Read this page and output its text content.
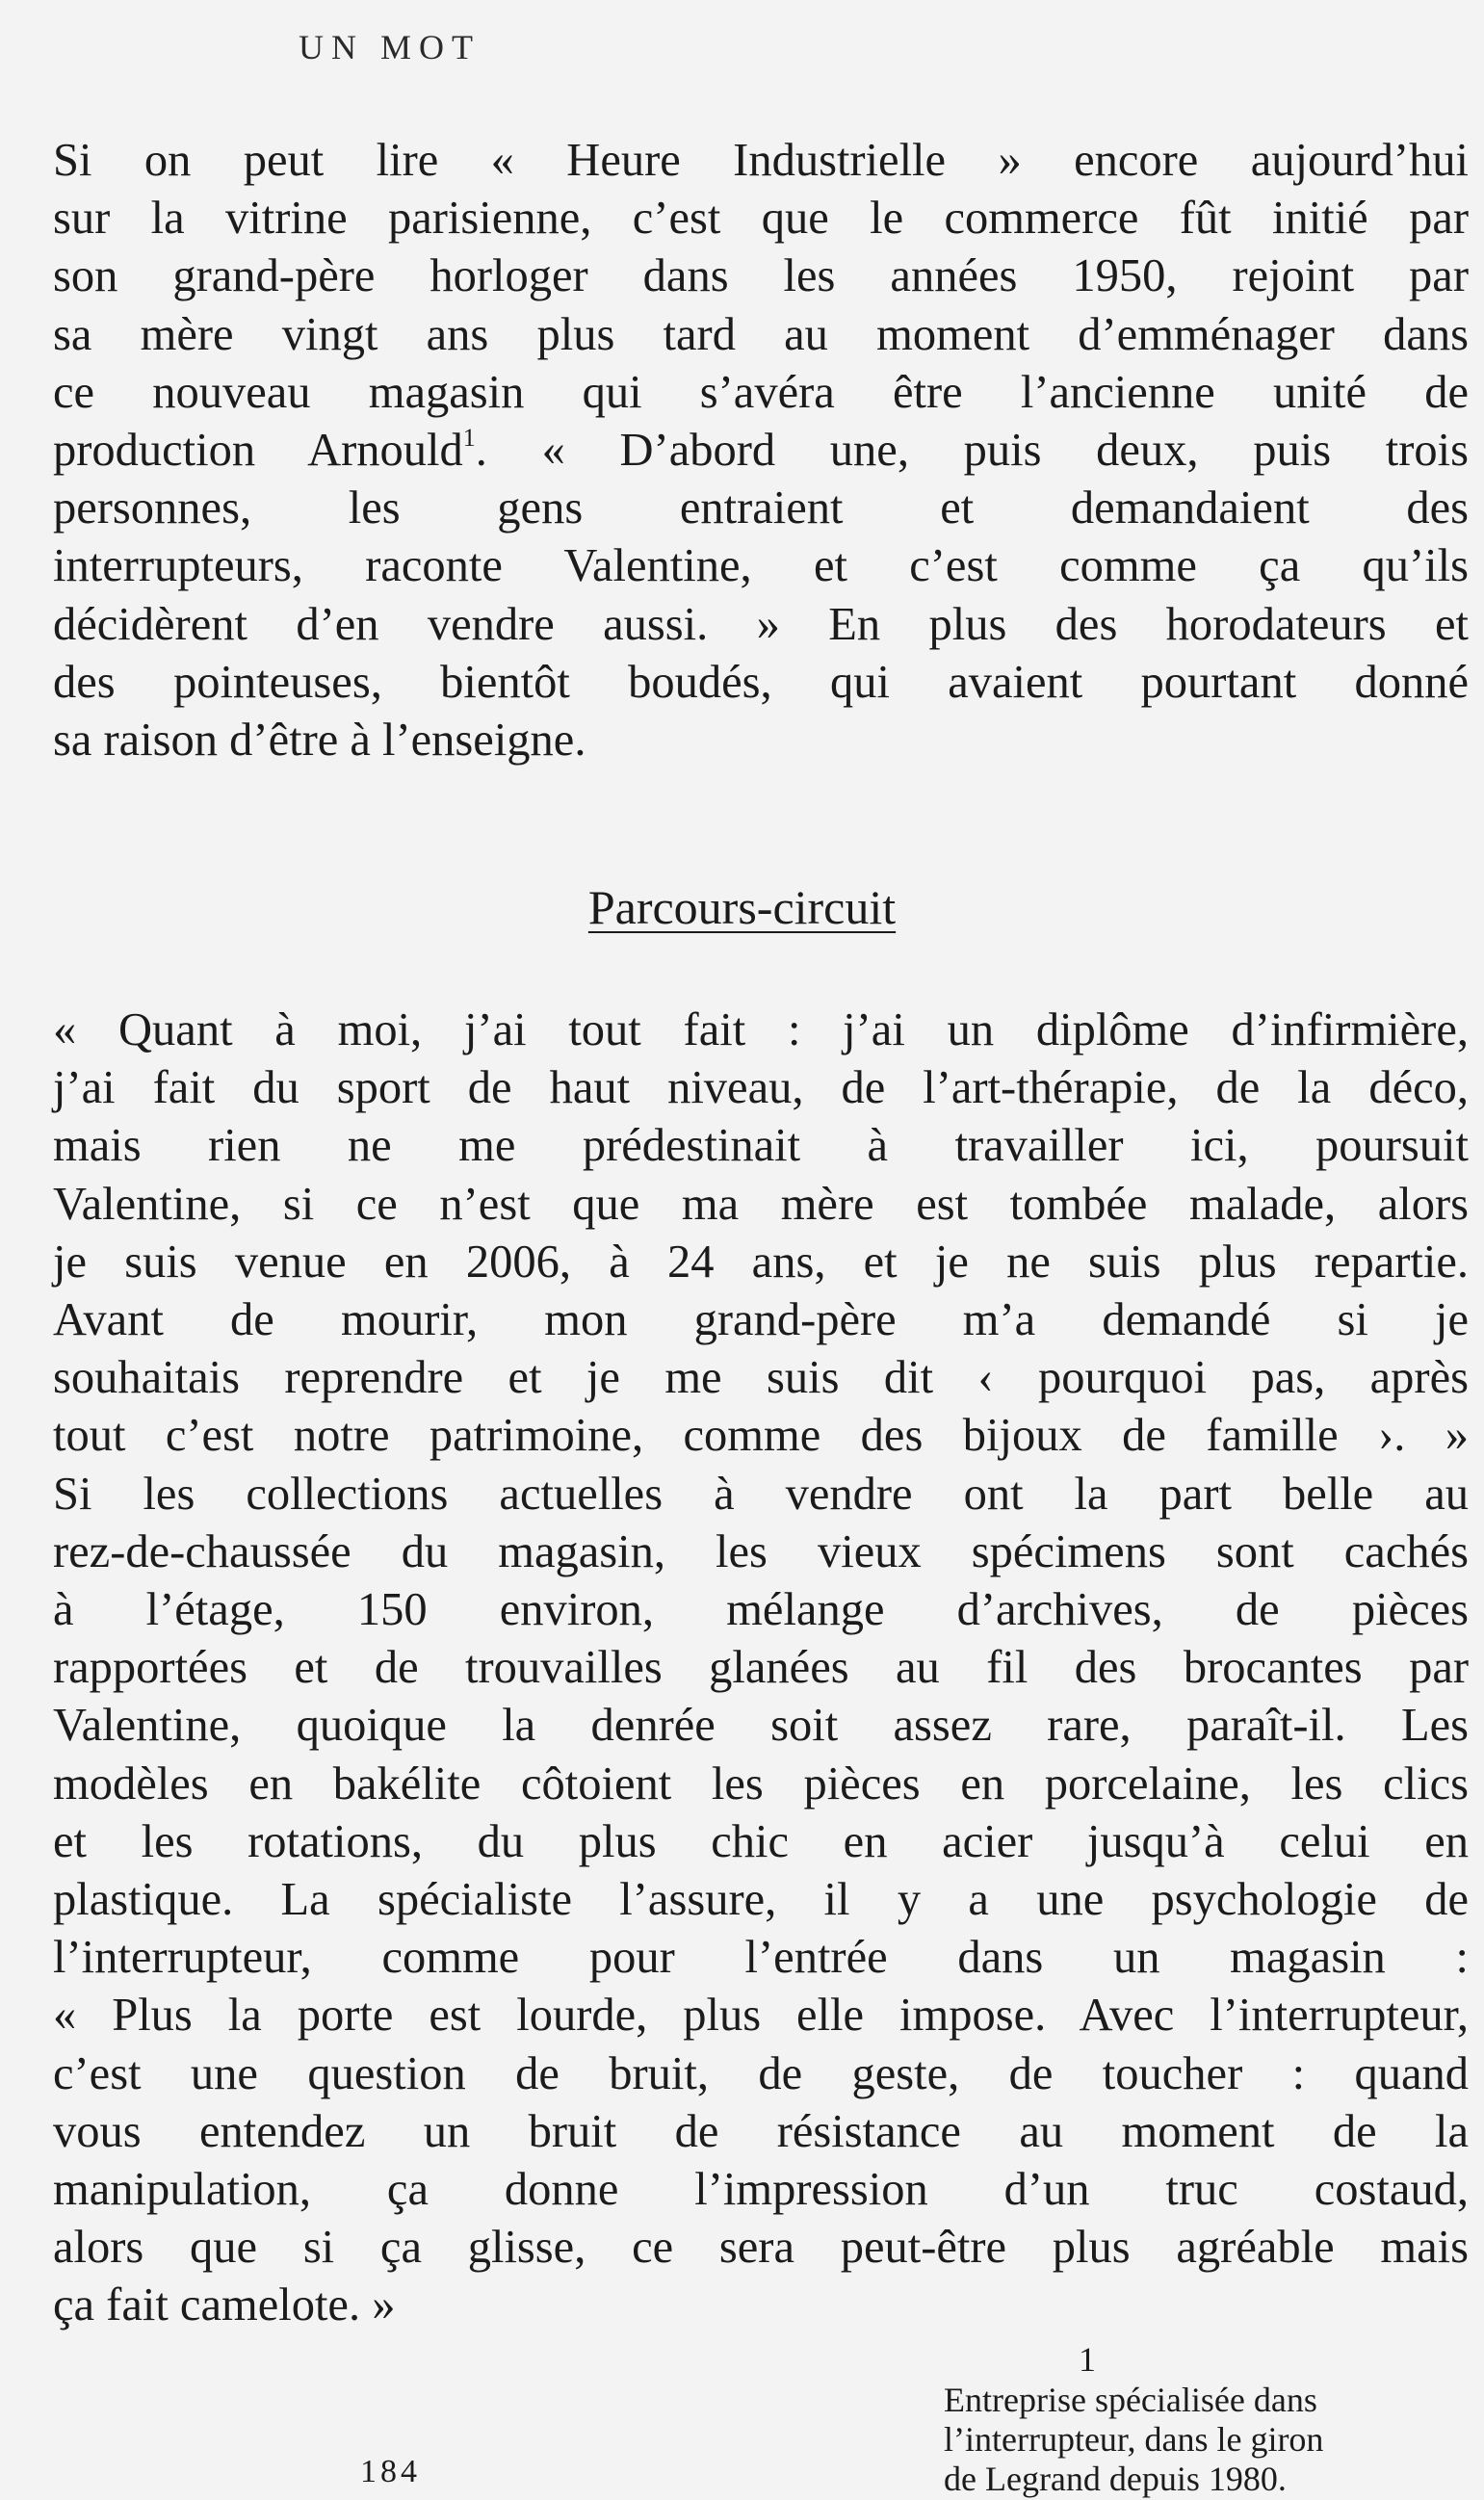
UN MOT
Si on peut lire « Heure Industrielle » encore aujourd’hui
sur la vitrine parisienne, c’est que le commerce fût initié par
son grand-père horloger dans les années 1950, rejoint par
sa mère vingt ans plus tard au moment d’emménager dans
ce nouveau magasin qui s’avéra être l’ancienne unité de
production Arnould$^1$. « D’abord une, puis deux, puis trois
personnes, les gens entraient et demandaient des
interrupteurs, raconte Valentine, et c’est comme ça qu’ils
décidèrent d’en vendre aussi. » En plus des horodateurs et
des pointeuses, bientôt boudés, qui avaient pourtant donné
sa raison d’être à l’enseigne.
Parcours-circuit
« Quant à moi, j’ai tout fait : j’ai un diplôme d’infirmière,
j’ai fait du sport de haut niveau, de l’art-thérapie, de la déco,
mais rien ne me prédestinait à travailler ici, poursuit
Valentine, si ce n’est que ma mère est tombée malade, alors
je suis venue en 2006, à 24 ans, et je ne suis plus repartie.
Avant de mourir, mon grand-père m’a demandé si je
souhaitais reprendre et je me suis dit ‹ pourquoi pas, après
tout c’est notre patrimoine, comme des bijoux de famille ›. »
Si les collections actuelles à vendre ont la part belle au
rez-de-chaussée du magasin, les vieux spécimens sont cachés
à l’étage, 150 environ, mélange d’archives, de pièces
rapportées et de trouvailles glanées au fil des brocantes par
Valentine, quoique la denrée soit assez rare, paraît-il. Les
modèles en bakélite côtoient les pièces en porcelaine, les clics
et les rotations, du plus chic en acier jusqu’à celui en
plastique. La spécialiste l’assure, il y a une psychologie de
l’interrupteur, comme pour l’entrée dans un magasin :
« Plus la porte est lourde, plus elle impose. Avec l’interrupteur,
c’est une question de bruit, de geste, de toucher : quand
vous entendez un bruit de résistance au moment de la
manipulation, ça donne l’impression d’un truc costaud,
alors que si ça glisse, ce sera peut-être plus agréable mais
ça fait camelote. »
1
Entreprise spécialisée dans
l’interrupteur, dans le giron
de Legrand depuis 1980.
184
